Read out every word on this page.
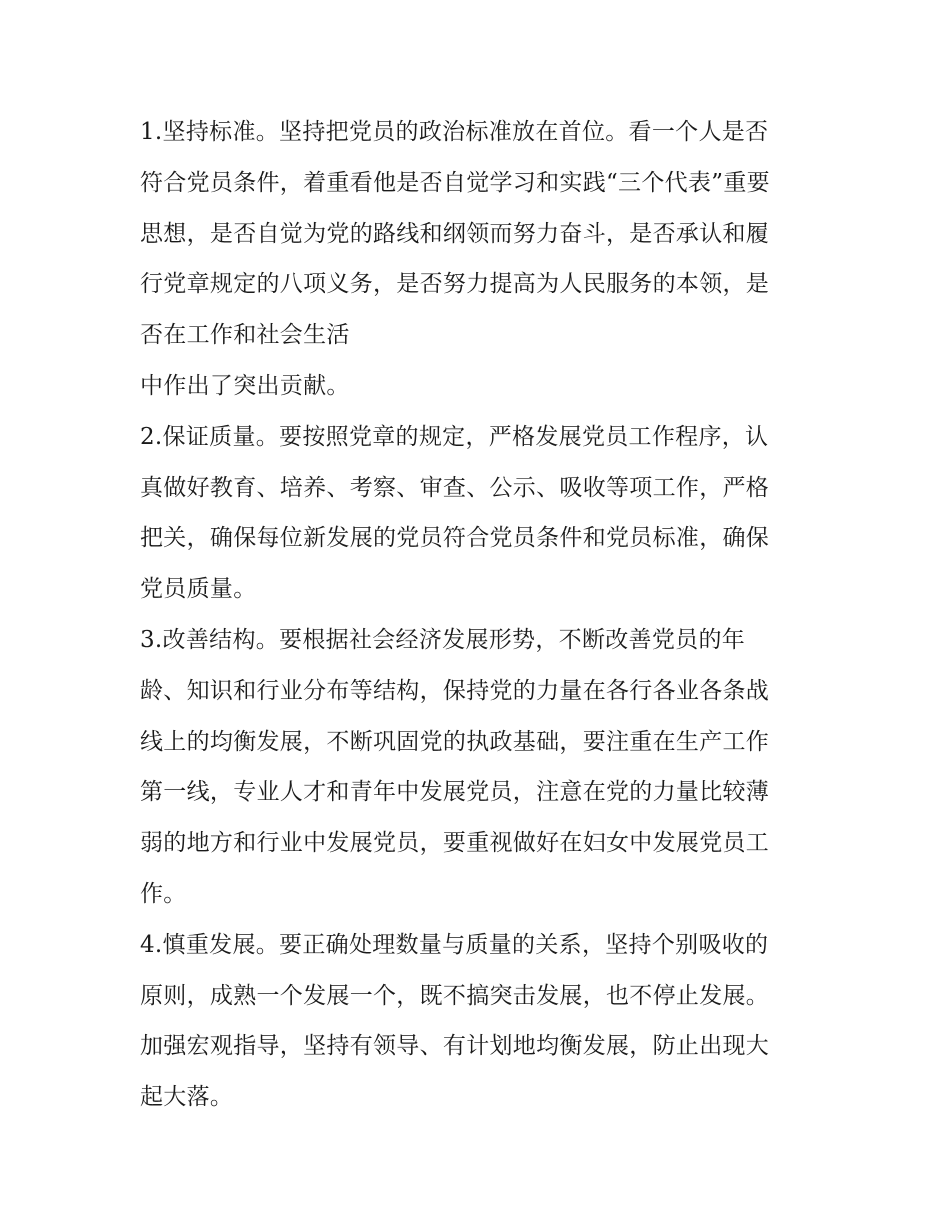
1.坚持标准。坚持把党员的政治标准放在首位。看一个人是否
符合党员条件，着重看他是否自觉学习和实践“三个代表”重要
思想，是否自觉为党的路线和纲领而努力奋斗，是否承认和履
行党章规定的八项义务，是否努力提高为人民服务的本领，是
否在工作和社会生活
中作出了突出贡献。
2.保证质量。要按照党章的规定，严格发展党员工作程序，认
真做好教育、培养、考察、审查、公示、吸收等项工作，严格
把关，确保每位新发展的党员符合党员条件和党员标准，确保
党员质量。
3.改善结构。要根据社会经济发展形势，不断改善党员的年
龄、知识和行业分布等结构，保持党的力量在各行各业各条战
线上的均衡发展，不断巩固党的执政基础，要注重在生产工作
第一线，专业人才和青年中发展党员，注意在党的力量比较薄
弱的地方和行业中发展党员，要重视做好在妇女中发展党员工
作。
4.慎重发展。要正确处理数量与质量的关系，坚持个别吸收的
原则，成熟一个发展一个，既不搞突击发展，也不停止发展。
加强宏观指导，坚持有领导、有计划地均衡发展，防止出现大
起大落。
